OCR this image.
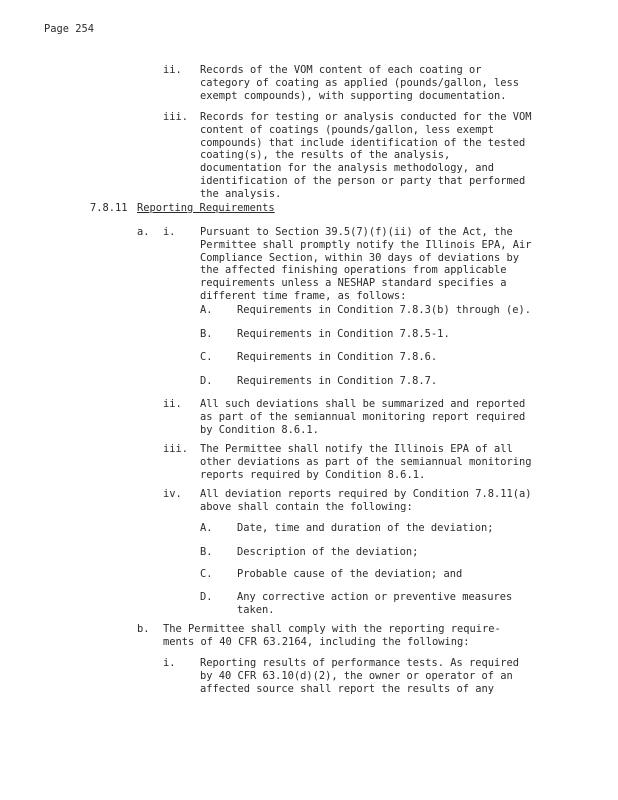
Page 254

ii. Records of the VOM content of each coating or
category of coating as applied (pounds/gallon, less
exempt compounds), with supporting documentation.

iii. Records for testing or analysis conducted for the VOM
content of coatings (pounds/gallon, less exempt
compounds) that include identification of the tested
coating(s), the results of the analysis,
documentation for the analysis methodology, and
identification of the person or party that performed
the analysis.

7.8.11 Reporting Requirements

a. i. Pursuant to Section 39.5(7)(f)(ii) of the Act, the
Permittee shall promptly notify the Illinois EPA, Air
Compliance Section, within 30 days of deviations by
the affected finishing operations from applicable
requirements unless a NESHAP standard specifies a
different time frame, as follows:

A. Requirements in Condition 7.8.3(b) through (e).

B. Requirements in Condition 7.8.5-1.

C. Requirements in Condition 7.8.6.

D. Requirements in Condition 7.8.7.

ii. All such deviations shall be summarized and reported
as part of the semiannual monitoring report required
by Condition 8.6.1.

iii. The Permittee shall notify the Illinois EPA of all
other deviations as part of the semiannual monitoring
reports required by Condition 8.6.1.

iv. All deviation reports required by Condition 7.8.11(a)
above shall contain the following:

A. Date, time and duration of the deviation;

B. Description of the deviation;

C. Probable cause of the deviation; and

D. Any corrective action or preventive measures
taken.

b. The Permittee shall comply with the reporting require-
ments of 40 CFR 63.2164, including the following:

i. Reporting results of performance tests. As required
by 40 CFR 63.10(d)(2), the owner or operator of an
affected source shall report the results of any
